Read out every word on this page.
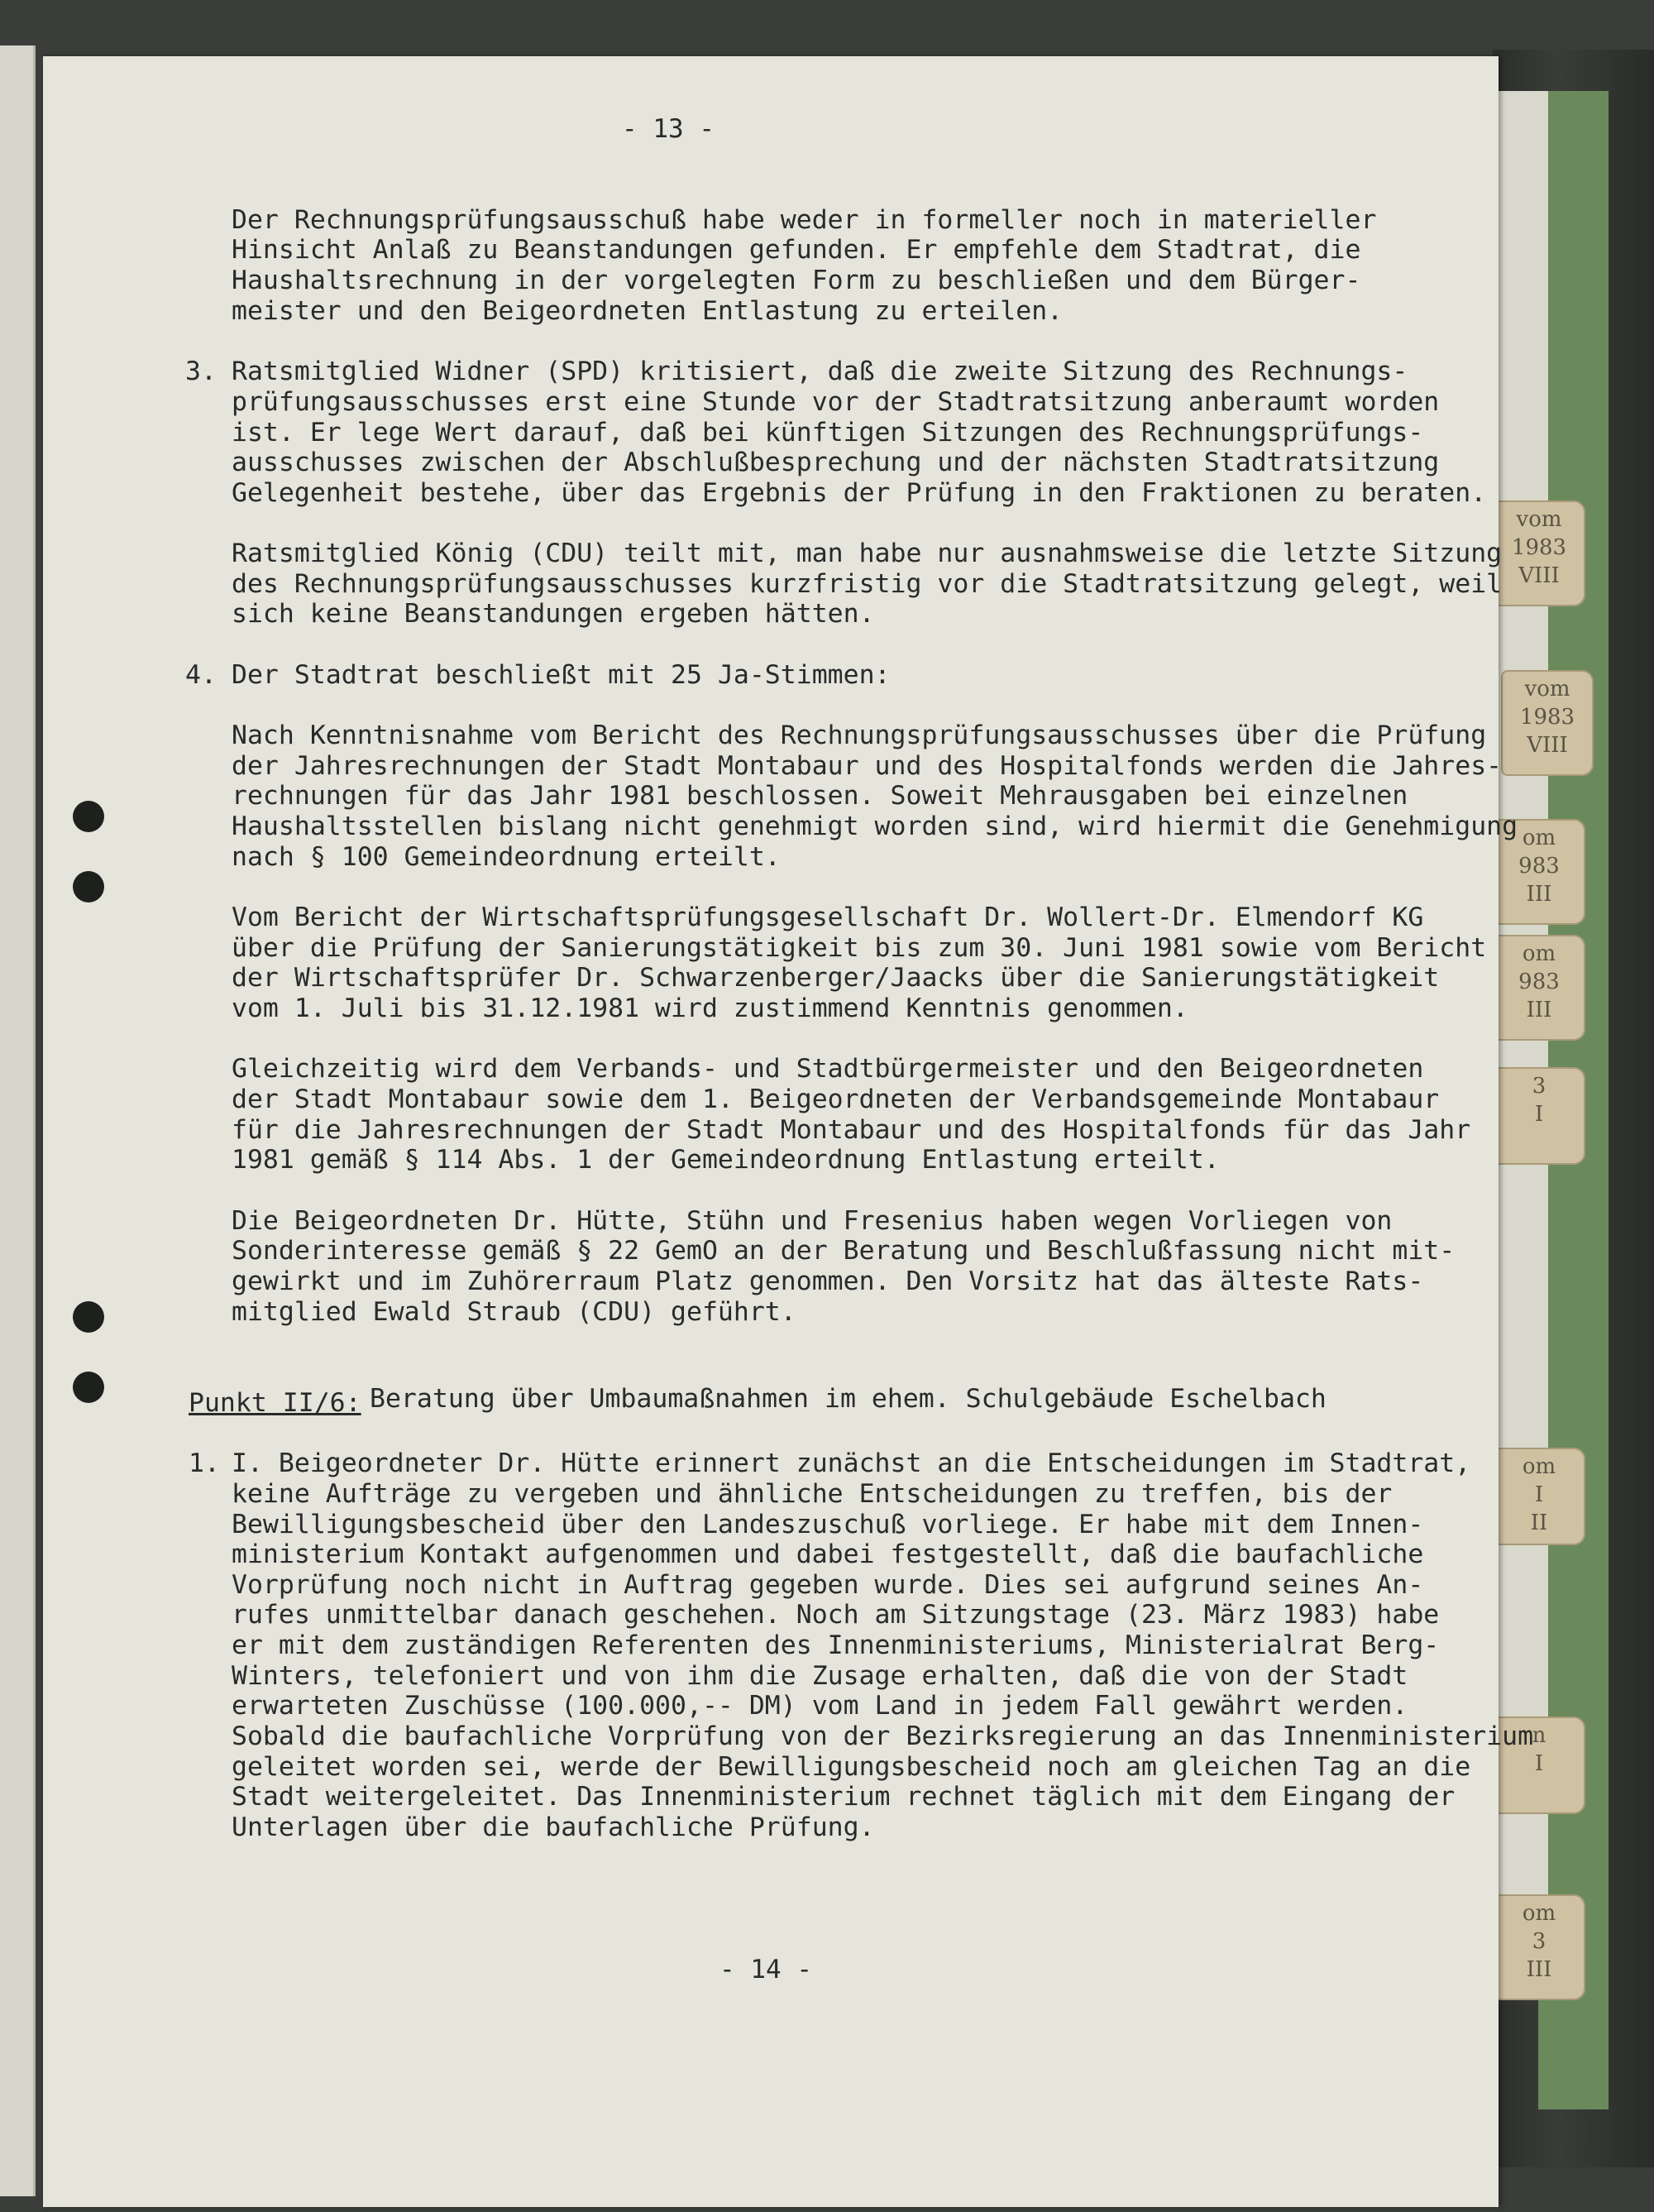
vom
1983
VIII
vom
1983
VIII
om
983
III
om
983
III
3
I
om
I
II
n
I
om
3
III
- 13 -

Der Rechnungsprüfungsausschuß habe weder in formeller noch in materieller

Hinsicht Anlaß zu Beanstandungen gefunden. Er empfehle dem Stadtrat, die

Haushaltsrechnung in der vorgelegten Form zu beschließen und dem Bürger-

meister und den Beigeordneten Entlastung zu erteilen.

3.

Ratsmitglied Widner (SPD) kritisiert, daß die zweite Sitzung des Rechnungs-

prüfungsausschusses erst eine Stunde vor der Stadtratsitzung anberaumt worden

ist. Er lege Wert darauf, daß bei künftigen Sitzungen des Rechnungsprüfungs-

ausschusses zwischen der Abschlußbesprechung und der nächsten Stadtratsitzung

Gelegenheit bestehe, über das Ergebnis der Prüfung in den Fraktionen zu beraten.

Ratsmitglied König (CDU) teilt mit, man habe nur ausnahmsweise die letzte Sitzung

des Rechnungsprüfungsausschusses kurzfristig vor die Stadtratsitzung gelegt, weil

sich keine Beanstandungen ergeben hätten.

4.

Der Stadtrat beschließt mit 25 Ja-Stimmen:

Nach Kenntnisnahme vom Bericht des Rechnungsprüfungsausschusses über die Prüfung

der Jahresrechnungen der Stadt Montabaur und des Hospitalfonds werden die Jahres-

rechnungen für das Jahr 1981 beschlossen. Soweit Mehrausgaben bei einzelnen

Haushaltsstellen bislang nicht genehmigt worden sind, wird hiermit die Genehmigung

nach § 100 Gemeindeordnung erteilt.

Vom Bericht der Wirtschaftsprüfungsgesellschaft Dr. Wollert-Dr. Elmendorf KG

über die Prüfung der Sanierungstätigkeit bis zum 30. Juni 1981 sowie vom Bericht

der Wirtschaftsprüfer Dr. Schwarzenberger/Jaacks über die Sanierungstätigkeit

vom 1. Juli bis 31.12.1981 wird zustimmend Kenntnis genommen.

Gleichzeitig wird dem Verbands- und Stadtbürgermeister und den Beigeordneten

der Stadt Montabaur sowie dem 1. Beigeordneten der Verbandsgemeinde Montabaur

für die Jahresrechnungen der Stadt Montabaur und des Hospitalfonds für das Jahr

1981 gemäß § 114 Abs. 1 der Gemeindeordnung Entlastung erteilt.

Die Beigeordneten Dr. Hütte, Stühn und Fresenius haben wegen Vorliegen von

Sonderinteresse gemäß § 22 GemO an der Beratung und Beschlußfassung nicht mit-

gewirkt und im Zuhörerraum Platz genommen. Den Vorsitz hat das älteste Rats-

mitglied Ewald Straub (CDU) geführt.

Punkt II/6:

Beratung über Umbaumaßnahmen im ehem. Schulgebäude Eschelbach

1.

I. Beigeordneter Dr. Hütte erinnert zunächst an die Entscheidungen im Stadtrat,

keine Aufträge zu vergeben und ähnliche Entscheidungen zu treffen, bis der

Bewilligungsbescheid über den Landeszuschuß vorliege. Er habe mit dem Innen-

ministerium Kontakt aufgenommen und dabei festgestellt, daß die baufachliche

Vorprüfung noch nicht in Auftrag gegeben wurde. Dies sei aufgrund seines An-

rufes unmittelbar danach geschehen. Noch am Sitzungstage (23. März 1983) habe

er mit dem zuständigen Referenten des Innenministeriums, Ministerialrat Berg-

Winters, telefoniert und von ihm die Zusage erhalten, daß die von der Stadt

erwarteten Zuschüsse (100.000,-- DM) vom Land in jedem Fall gewährt werden.

Sobald die baufachliche Vorprüfung von der Bezirksregierung an das Innenministerium

geleitet worden sei, werde der Bewilligungsbescheid noch am gleichen Tag an die

Stadt weitergeleitet. Das Innenministerium rechnet täglich mit dem Eingang der

Unterlagen über die baufachliche Prüfung.

- 14 -
